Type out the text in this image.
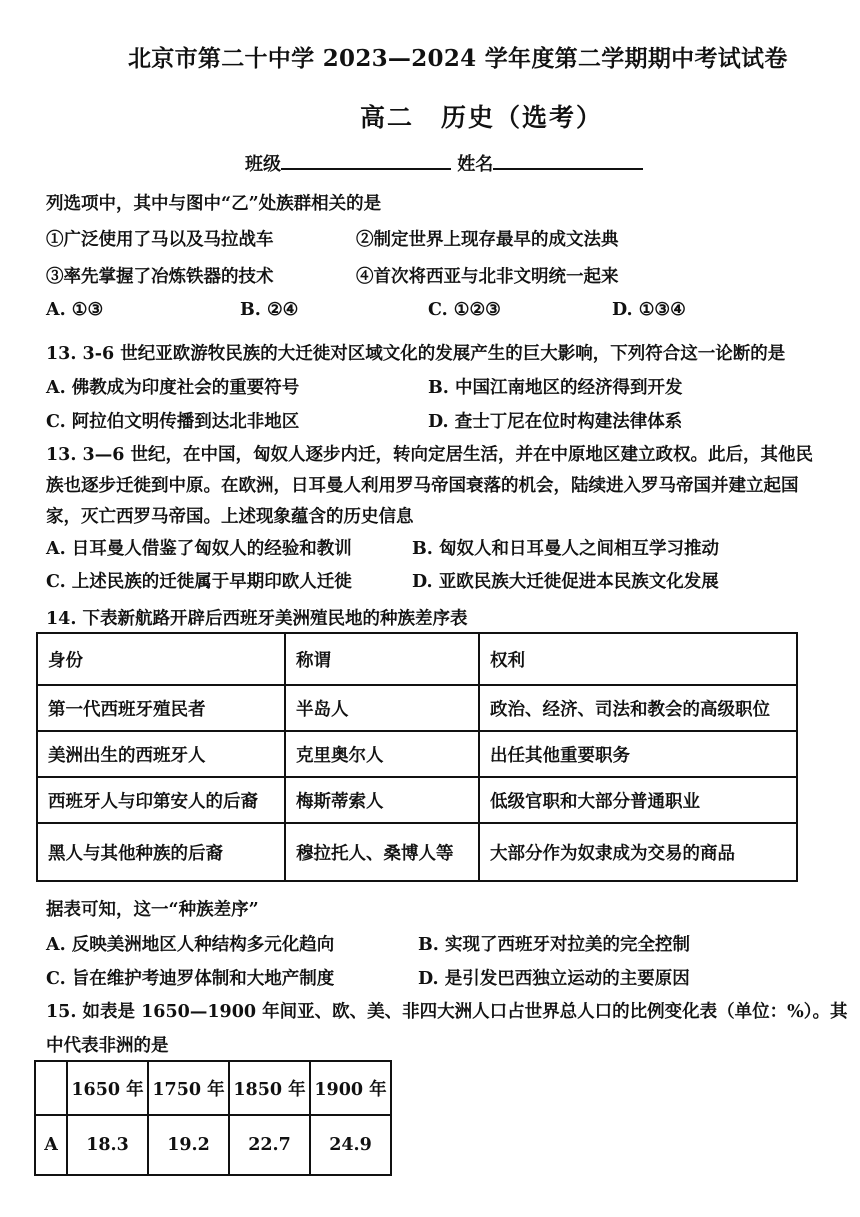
北京市第二十中学 2023—2024 学年度第二学期期中考试试卷
高二　历史（选考）
班级	姓名
列选项中，其中与图中“乙”处族群相关的是
①广泛使用了马以及马拉战车	②制定世界上现存最早的成文法典
③率先掌握了冶炼铁器的技术	④首次将西亚与北非文明统一起来
A. ①③	B. ②④	C. ①②③	D. ①③④
13. 3-6 世纪亚欧游牧民族的大迁徙对区域文化的发展产生的巨大影响，下列符合这一论断的是
A. 佛教成为印度社会的重要符号	B. 中国江南地区的经济得到开发
C. 阿拉伯文明传播到达北非地区	D. 查士丁尼在位时构建法律体系
13. 3—6 世纪，在中国，匈奴人逐步内迁，转向定居生活，并在中原地区建立政权。此后，其他民
族也逐步迁徙到中原。在欧洲，日耳曼人利用罗马帝国衰落的机会，陆续进入罗马帝国并建立起国
家，灭亡西罗马帝国。上述现象蕴含的历史信息
A. 日耳曼人借鉴了匈奴人的经验和教训	B. 匈奴人和日耳曼人之间相互学习推动
C. 上述民族的迁徙属于早期印欧人迁徙	D. 亚欧民族大迁徙促进本民族文化发展
14. 下表新航路开辟后西班牙美洲殖民地的种族差序表
身份	称谓	权利
第一代西班牙殖民者	半岛人	政治、经济、司法和教会的高级职位
美洲出生的西班牙人	克里奥尔人	出任其他重要职务
西班牙人与印第安人的后裔	梅斯蒂索人	低级官职和大部分普通职业
黑人与其他种族的后裔	穆拉托人、桑博人等	大部分作为奴隶成为交易的商品
据表可知，这一“种族差序”
A. 反映美洲地区人种结构多元化趋向	B. 实现了西班牙对拉美的完全控制
C. 旨在维护考迪罗体制和大地产制度	D. 是引发巴西独立运动的主要原因
15. 如表是 1650—1900 年间亚、欧、美、非四大洲人口占世界总人口的比例变化表（单位：%）。其
中代表非洲的是
	1650 年	1750 年	1850 年	1900 年
A	18.3	19.2	22.7	24.9
